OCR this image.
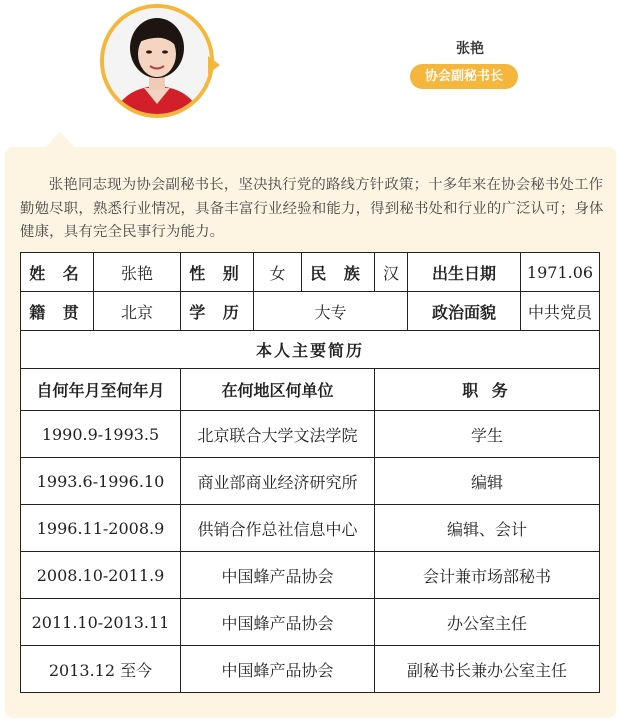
张艳
协会副秘书长
张艳同志现为协会副秘书长，坚决执行党的路线方针政策；十多年来在协会秘书处工作勤勉尽职，熟悉行业情况，具备丰富行业经验和能力，得到秘书处和行业的广泛认可；身体健康，具有完全民事行为能力。
姓 名	张艳	性 别	女	民 族	汉	出生日期	1971.06
籍 贯	北京	学 历	大专			政治面貌	中共党员
本人主要简历							
自何年月至何年月		在何地区何单位			职 务		
1990.9-1993.5		北京联合大学文法学院			学生		
1993.6-1996.10		商业部商业经济研究所			编辑		
1996.11-2008.9		供销合作总社信息中心			编辑、会计		
2008.10-2011.9		中国蜂产品协会			会计兼市场部秘书		
2011.10-2013.11		中国蜂产品协会			办公室主任		
2013.12 至今		中国蜂产品协会			副秘书长兼办公室主任		
